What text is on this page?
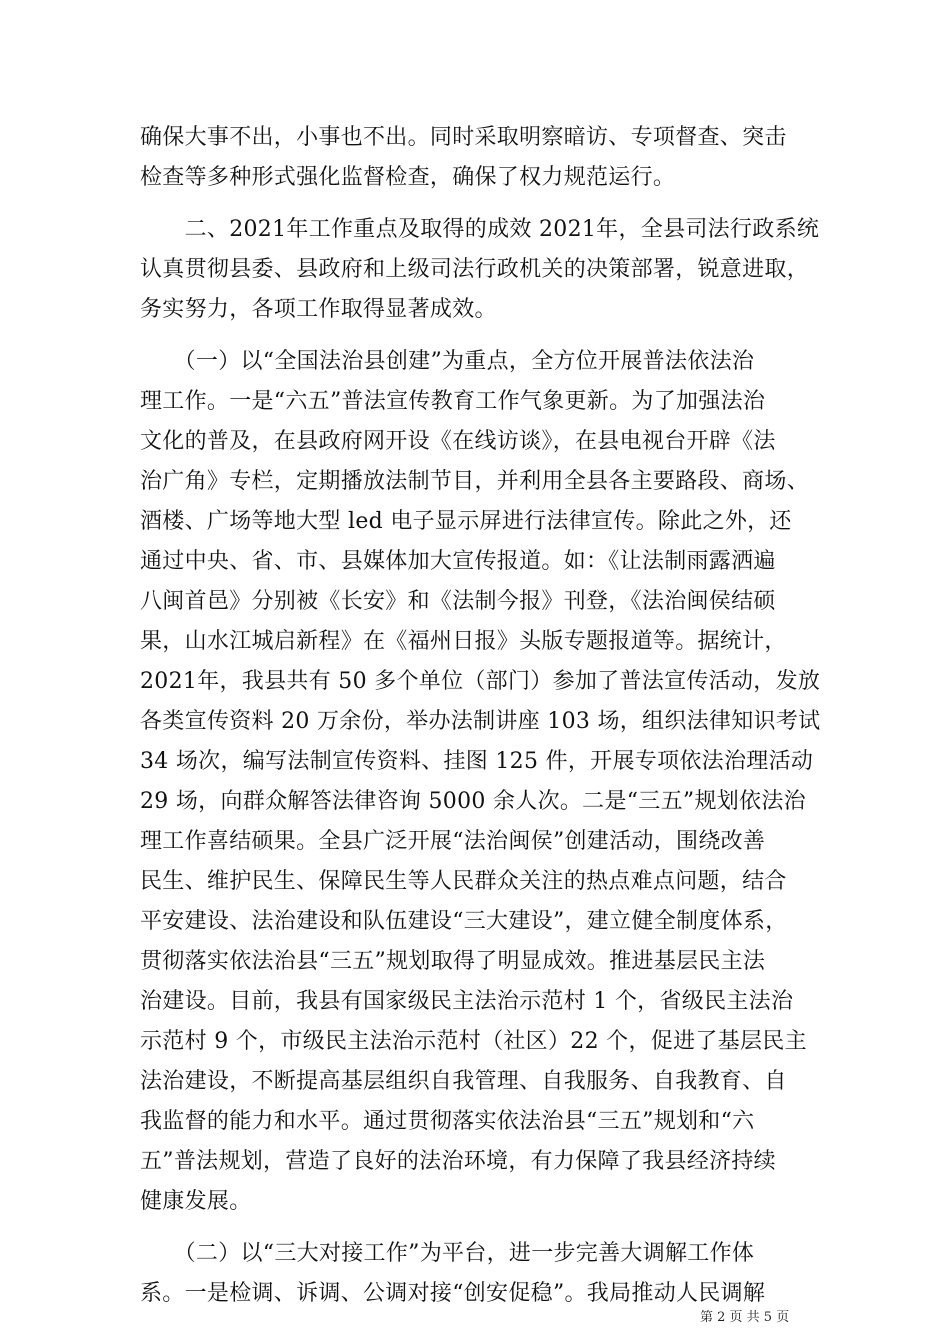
确保大事不出，小事也不出。同时采取明察暗访、专项督查、突击
检查等多种形式强化监督检查，确保了权力规范运行。
　　二、2021年工作重点及取得的成效 2021年，全县司法行政系统
认真贯彻县委、县政府和上级司法行政机关的决策部署，锐意进取，
务实努力，各项工作取得显著成效。
　　（一）以“全国法治县创建”为重点，全方位开展普法依法治
理工作。一是“六五”普法宣传教育工作气象更新。为了加强法治
文化的普及，在县政府网开设《在线访谈》，在县电视台开辟《法
治广角》专栏，定期播放法制节目，并利用全县各主要路段、商场、
酒楼、广场等地大型 led 电子显示屏进行法律宣传。除此之外，还
通过中央、省、市、县媒体加大宣传报道。如：《让法制雨露洒遍
八闽首邑》分别被《长安》和《法制今报》刊登，《法治闽侯结硕
果，山水江城启新程》在《福州日报》头版专题报道等。据统计，
2021年，我县共有 50 多个单位（部门）参加了普法宣传活动，发放
各类宣传资料 20 万余份，举办法制讲座 103 场，组织法律知识考试
34 场次，编写法制宣传资料、挂图 125 件，开展专项依法治理活动
29 场，向群众解答法律咨询 5000 余人次。二是“三五”规划依法治
理工作喜结硕果。全县广泛开展“法治闽侯”创建活动，围绕改善
民生、维护民生、保障民生等人民群众关注的热点难点问题，结合
平安建设、法治建设和队伍建设“三大建设”，建立健全制度体系，
贯彻落实依法治县“三五”规划取得了明显成效。推进基层民主法
治建设。目前，我县有国家级民主法治示范村 1 个，省级民主法治
示范村 9 个，市级民主法治示范村（社区）22 个，促进了基层民主
法治建设，不断提高基层组织自我管理、自我服务、自我教育、自
我监督的能力和水平。通过贯彻落实依法治县“三五”规划和“六
五”普法规划，营造了良好的法治环境，有力保障了我县经济持续
健康发展。
　　（二）以“三大对接工作”为平台，进一步完善大调解工作体
系。一是检调、诉调、公调对接“创安促稳”。我局推动人民调解
第 2 页 共 5 页
